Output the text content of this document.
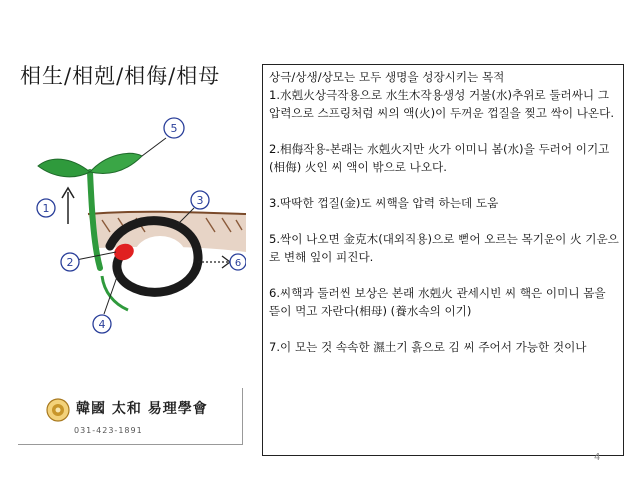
相生/相剋/相侮/相母
1
2
3
4
5
6
韓國 太和 易理學會
031-423-1891

상극/상생/상모는 모두 생명을 성장시키는 목적

1.水剋火상극작용으로 水生木작용생성 거불(水)추위로 둘러싸니 그 압력으로 스프링처럼 씨의 액(火)이 두꺼운 껍질을 찢고 싹이 나온다.

2.相侮작용-본래는 水剋火지만 火가 이미니 봄(水)을 두러어 이기고(相侮) 火인 씨 액이 밖으로 나오다.

3.딱딱한 껍질(金)도 씨핵을 압력 하는데 도움

5.싹이 나오면 金克木(대외직용)으로 뻗어 오르는 목기운이 火 기운으로 변해 잎이 피진다.

6.씨핵과 둘러씬 보상은 본래 水剋火 관세시빈 씨 핵은 이미니 몸을 뜯이 먹고 자란다(相母) (養水속의 이기)

7.이 모는 것 속속한 濕土기 흙으로 김 씨 주어서 가능한 것이나

4
